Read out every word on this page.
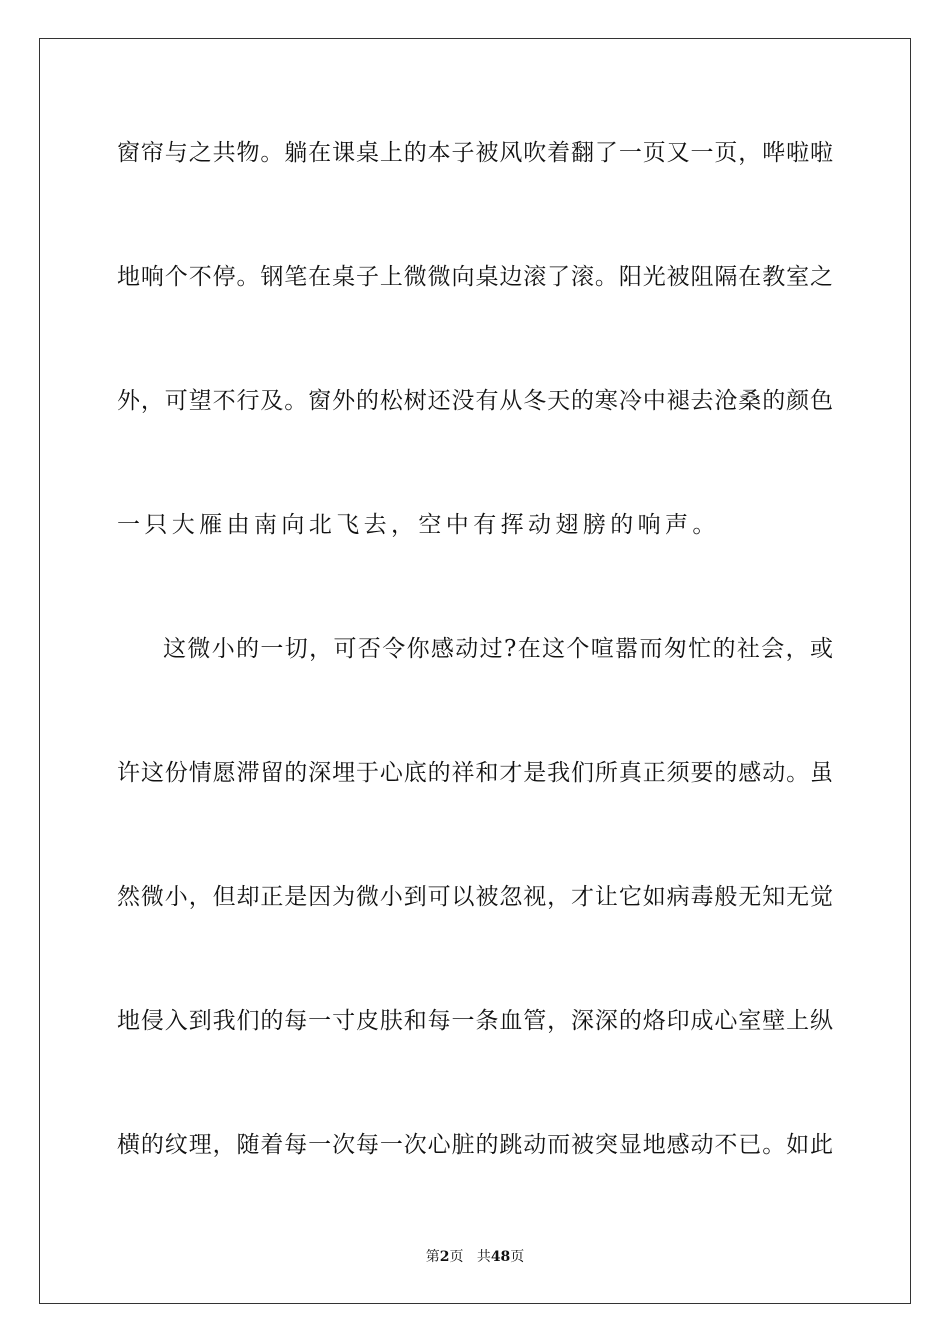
窗帘与之共物。躺在课桌上的本子被风吹着翻了一页又一页，哗啦啦
地响个不停。钢笔在桌子上微微向桌边滚了滚。阳光被阻隔在教室之
外，可望不行及。窗外的松树还没有从冬天的寒冷中褪去沧桑的颜色
一只大雁由南向北飞去，空中有挥动翅膀的响声。
这微小的一切，可否令你感动过?在这个喧嚣而匆忙的社会，或
许这份情愿滞留的深埋于心底的祥和才是我们所真正须要的感动。虽
然微小，但却正是因为微小到可以被忽视，才让它如病毒般无知无觉
地侵入到我们的每一寸皮肤和每一条血管，深深的烙印成心室壁上纵
横的纹理，随着每一次每一次心脏的跳动而被突显地感动不已。如此
第2页 共48页
